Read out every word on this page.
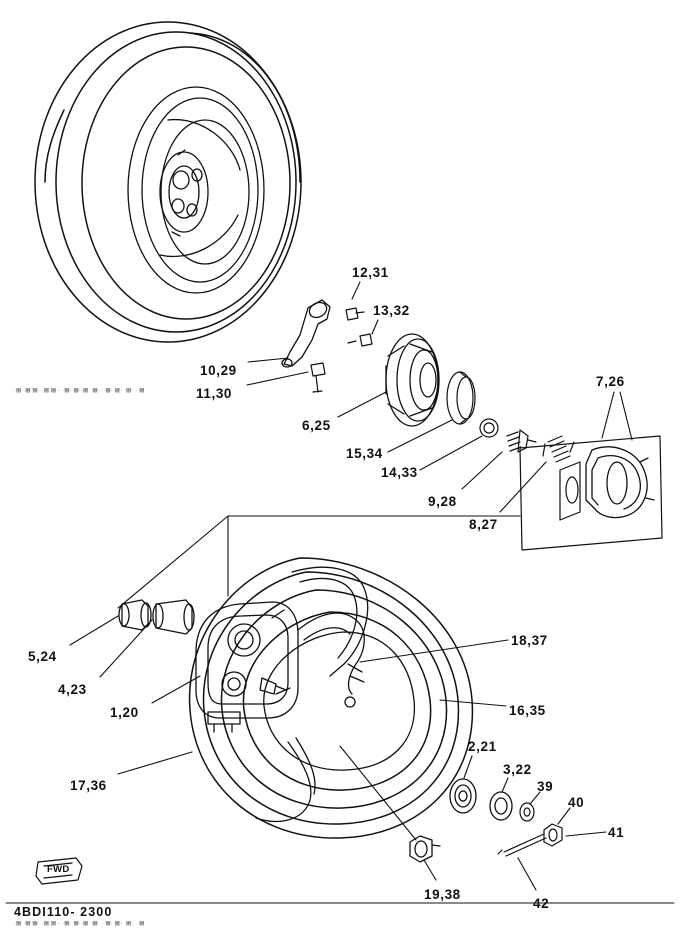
FWD
12,31
13,32
10,29
11,30
6,25
15,34
14,33
9,28
8,27
7,26
5,24
4,23
1,20
17,36
18,37
16,35
2,21
3,22
39
40
41
42
19,38
4BDI110- 2300
·࿛ ·࿛ ࿛· ·࿛ ࿛·· ·࿛· ࿛··࿛ ·࿛· · ࿛· ࿛· ·࿛· · ࿛
·࿛ ·࿛ ࿛· ·࿛ ࿛·· ·࿛· ࿛··࿛ ·࿛· · ࿛· ࿛· ·࿛· · ࿛
